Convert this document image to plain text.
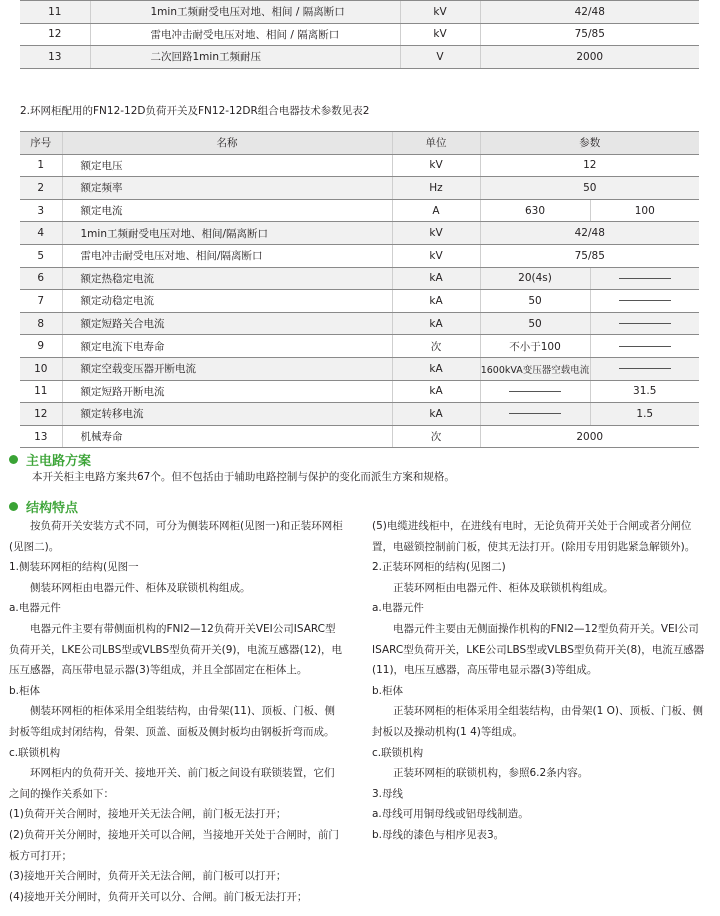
11	1min工频耐受电压对地、相间 / 隔离断口	kV	42/48
12	雷电冲击耐受电压对地、相间 / 隔离断口	kV	75/85
13	二次回路1min工频耐压	V	2000
2.环网柜配用的FN12-12D负荷开关及FN12-12DR组合电器技术参数见表2
序号	名称	单位	参数	
1	额定电压	kV	12	
2	额定频率	Hz	50	
3	额定电流	A	630	100
4	1min工频耐受电压对地、相间/隔离断口	kV	42/48	
5	雷电冲击耐受电压对地、相间/隔离断口	kV	75/85	
6	额定热稳定电流	kA	20(4s)	
7	额定动稳定电流	kA	50	
8	额定短路关合电流	kA	50	
9	额定电流下电寿命	次	不小于100	
10	额定空载变压器开断电流	kA	1600kVA变压器空载电流	
11	额定短路开断电流	kA		31.5
12	额定转移电流	kA		1.5
13	机械寿命	次	2000	
主电路方案
本开关柜主电路方案共67个。但不包括由于辅助电路控制与保护的变化而派生方案和规格。
结构特点

按负荷开关安装方式不同，可分为侧装环网柜(见图一)和正装环网柜(见图二)。

1.侧装环网柜的结构(见图一

侧装环网柜由电器元件、柜体及联锁机构组成。

a.电器元件

电器元件主要有带侧面机构的FNl2—12负荷开关VEI公司ISARC型负荷开关，LKE公司LBS型或VLBS型负荷开关(9)，电流互感器(12)，电压互感器，高压带电显示器(3)等组成，并且全部固定在柜体上。

b.柜体

侧装环网柜的柜体采用全组装结构，由骨架(11)、顶板、门板、侧封板等组成封闭结构，骨架、顶盖、面板及侧封板均由钢板折弯而成。

c.联锁机构

环网柜内的负荷开关、接地开关、前门板之间设有联锁装置，它们之间的操作关系如下：

(1)负荷开关合闸时，接地开关无法合闸，前门板无法打开；

(2)负荷开关分闸时，接地开关可以合闸，当接地开关处于合闸时，前门板方可打开；

(3)接地开关合闸时，负荷开关无法合闸，前门板可以打开；

(4)接地开关分闸时，负荷开关可以分、合闸。前门板无法打开；

(5)电缆进线柜中，在进线有电时，无论负荷开关处于合闸或者分闸位置，电磁锁控制前门板，使其无法打开。(除用专用钥匙紧急解锁外)。

2.正装环网柜的结构(见图二)

正装环网柜由电器元件、柜体及联锁机构组成。

a.电器元件

电器元件主要由无侧面操作机构的FNl2—12型负荷开关。VEI公司ISARC型负荷开关，LKE公司LBS型或VLBS型负荷开关(8)，电流互感器(11)，电压互感器，高压带电显示器(3)等组成。

b.柜体

正装环网柜的柜体采用全组装结构，由骨架(1 O)、顶板、门板、侧封板以及操动机构(1 4)等组成。

c.联锁机构

正装环网柜的联锁机构，参照6.2条内容。

3.母线

a.母线可用铜母线或铝母线制造。

b.母线的漆色与相序见表3。
